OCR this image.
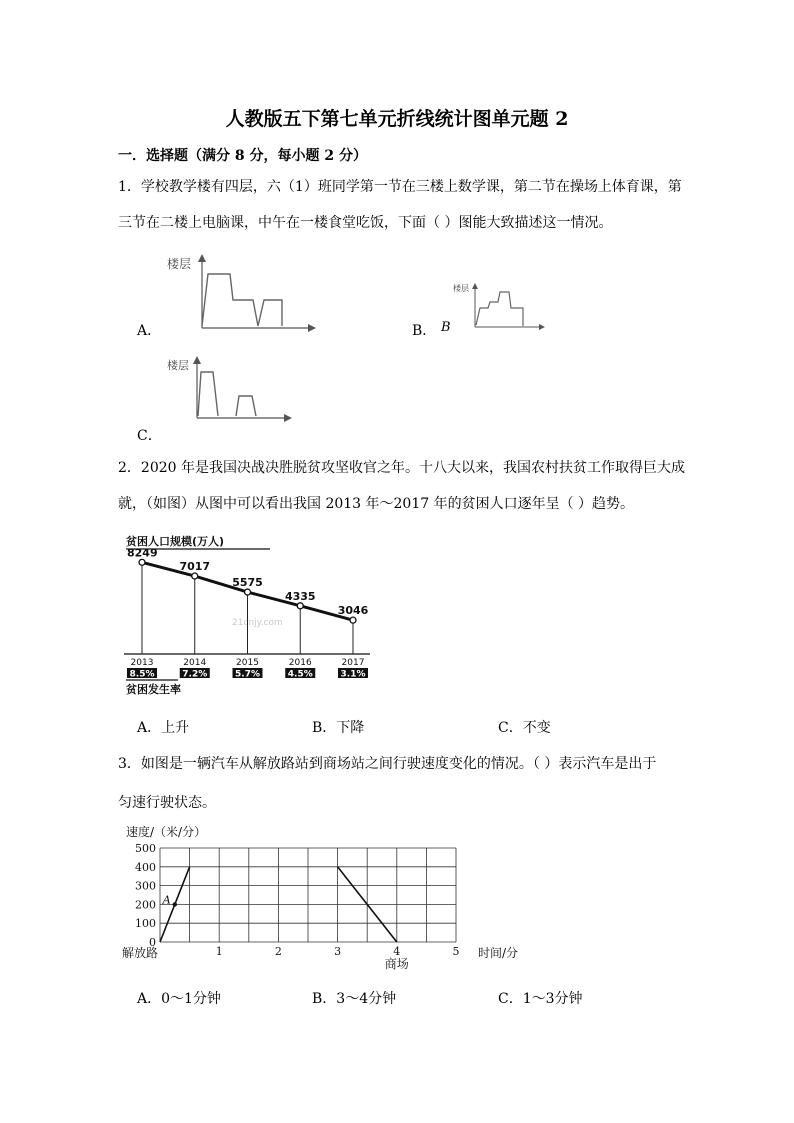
人教版五下第七单元折线统计图单元题 2
一．选择题（满分 8 分，每小题 2 分）
1．学校教学楼有四层，六（1）班同学第一节在三楼上数学课，第二节在操场上体育课，第
三节在二楼上电脑课，中午在一楼食堂吃饭，下面（ ）图能大致描述这一情况。
楼层
A．
楼层
B． B
楼层
C．
2．2020 年是我国决战决胜脱贫攻坚收官之年。十八大以来，我国农村扶贫工作取得巨大成
就，（如图）从图中可以看出我国 2013 年～2017 年的贫困人口逐年呈（ ）趋势。
贫困人口规模(万人)
21cnjy.com
8249
2013
8.5%
7017
2014
7.2%
5575
2015
5.7%
4335
2016
4.5%
3046
2017
3.1%
贫困发生率
A．上升	B．下降	C．不变
3．如图是一辆汽车从解放路站到商场站之间行驶速度变化的情况。（ ）表示汽车是出于
匀速行驶状态。
速度/（米/分）
0
100
200
300
400
500
1	2	3	4	5
解放路
商场
时间/分
A
A．0～1分钟	B．3～4分钟	C．1～3分钟
